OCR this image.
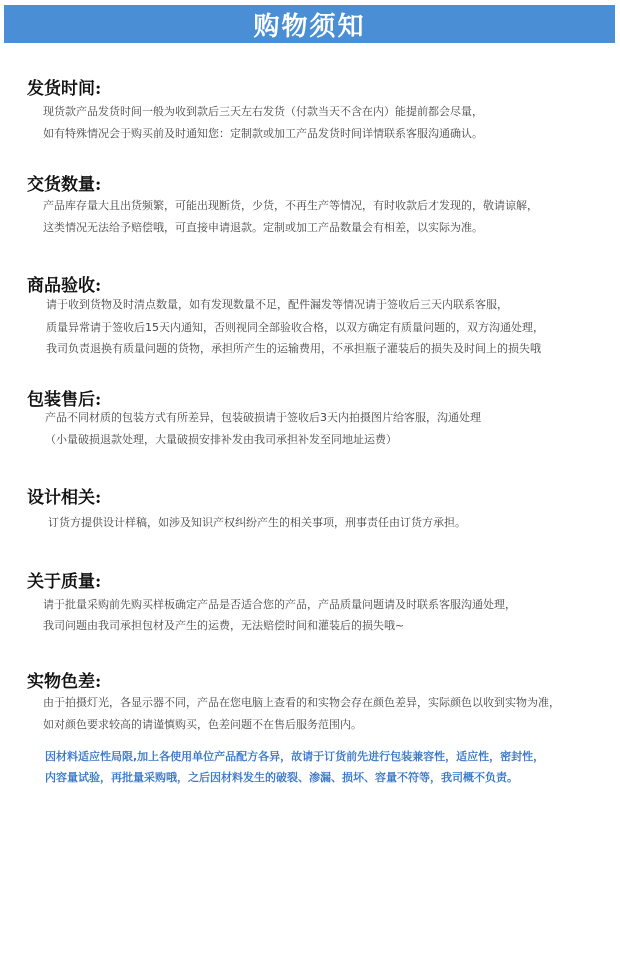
购物须知
发货时间:
现货款产品发货时间一般为收到款后三天左右发货（付款当天不含在内）能提前都会尽量，
如有特殊情况会于购买前及时通知您：定制款或加工产品发货时间详情联系客服沟通确认。
交货数量:
产品库存量大且出货频繁，可能出现断货，少货，不再生产等情况，有时收款后才发现的，敬请谅解，
这类情况无法给予赔偿哦，可直接申请退款。定制或加工产品数量会有相差，以实际为准。
商品验收:
请于收到货物及时清点数量，如有发现数量不足，配件漏发等情况请于签收后三天内联系客服，
质量异常请于签收后15天内通知，否则视同全部验收合格，以双方确定有质量问题的，双方沟通处理，
我司负责退换有质量问题的货物，承担所产生的运输费用，不承担瓶子灌装后的损失及时间上的损失哦
包装售后:
产品不同材质的包装方式有所差异，包装破损请于签收后3天内拍摄图片给客服，沟通处理
（小量破损退款处理，大量破损安排补发由我司承担补发至同地址运费）
设计相关:
订货方提供设计样稿，如涉及知识产权纠纷产生的相关事项，刑事责任由订货方承担。
关于质量:
请于批量采购前先购买样板确定产品是否适合您的产品，产品质量问题请及时联系客服沟通处理，
我司问题由我司承担包材及产生的运费，无法赔偿时间和灌装后的损失哦~
实物色差:
由于拍摄灯光，各显示器不同，产品在您电脑上查看的和实物会存在颜色差异，实际颜色以收到实物为准，
如对颜色要求较高的请谨慎购买，色差问题不在售后服务范围内。
因材料适应性局限,加上各使用单位产品配方各异，故请于订货前先进行包装兼容性，适应性，密封性，
内容量试验，再批量采购哦，之后因材料发生的破裂、渗漏、损坏、容量不符等，我司概不负责。
